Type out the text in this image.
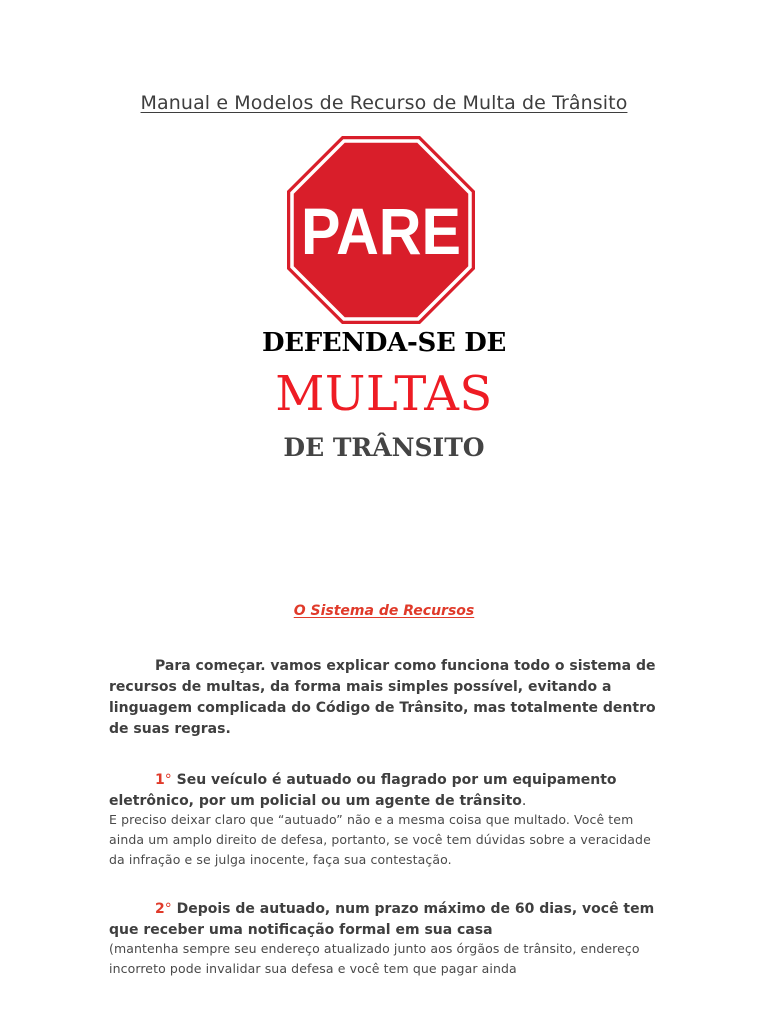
Manual e Modelos de Recurso de Multa de Trânsito
PARE
DEFENDA-SE DE
MULTAS
DE TRÂNSITO
O Sistema de Recursos
Para começar. vamos explicar como funciona todo o sistema de recursos de multas, da forma mais simples possível, evitando a linguagem complicada do Código de Trânsito, mas totalmente dentro de suas regras.
1° Seu veículo é autuado ou flagrado por um equipamento eletrônico, por um policial ou um agente de trânsito.
E preciso deixar claro que “autuado” não e a mesma coisa que multado. Você tem ainda um amplo direito de defesa, portanto, se você tem dúvidas sobre a veracidade da infração e se julga inocente, faça sua contestação.
2° Depois de autuado, num prazo máximo de 60 dias, você tem que receber uma notificação formal em sua casa
(mantenha sempre seu endereço atualizado junto aos órgãos de trânsito, endereço incorreto pode invalidar sua defesa e você tem que pagar ainda
